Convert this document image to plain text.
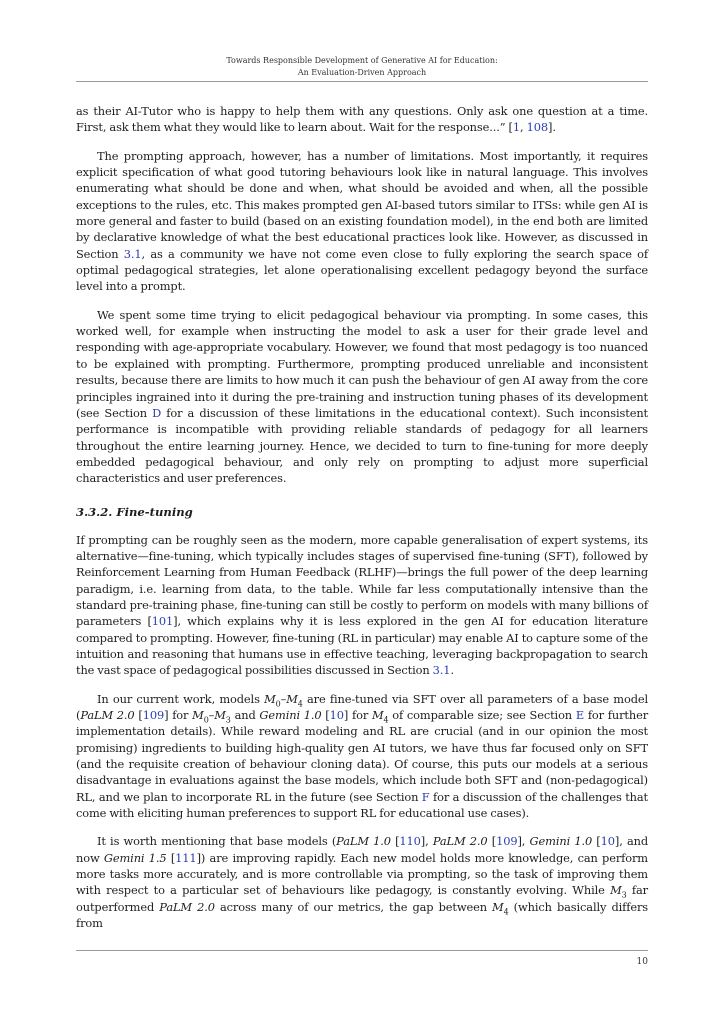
Towards Responsible Development of Generative AI for Education:
An Evaluation-Driven Approach

as their AI-Tutor who is happy to help them with any questions. Only ask one question at a time. First, ask them what they would like to learn about. Wait for the response...” [1, 108].

The prompting approach, however, has a number of limitations. Most importantly, it requires explicit specification of what good tutoring behaviours look like in natural language. This involves enumerating what should be done and when, what should be avoided and when, all the possible exceptions to the rules, etc. This makes prompted gen AI-based tutors similar to ITSs: while gen AI is more general and faster to build (based on an existing foundation model), in the end both are limited by declarative knowledge of what the best educational practices look like. However, as discussed in Section 3.1, as a community we have not come even close to fully exploring the search space of optimal pedagogical strategies, let alone operationalising excellent pedagogy beyond the surface level into a prompt.

We spent some time trying to elicit pedagogical behaviour via prompting. In some cases, this worked well, for example when instructing the model to ask a user for their grade level and responding with age-appropriate vocabulary. However, we found that most pedagogy is too nuanced to be explained with prompting. Furthermore, prompting produced unreliable and inconsistent results, because there are limits to how much it can push the behaviour of gen AI away from the core principles ingrained into it during the pre-training and instruction tuning phases of its development (see Section D for a discussion of these limitations in the educational context). Such inconsistent performance is incompatible with providing reliable standards of pedagogy for all learners throughout the entire learning journey. Hence, we decided to turn to fine-tuning for more deeply embedded pedagogical behaviour, and only rely on prompting to adjust more superficial characteristics and user preferences.

3.3.2. Fine-tuning

If prompting can be roughly seen as the modern, more capable generalisation of expert systems, its alternative—fine-tuning, which typically includes stages of supervised fine-tuning (SFT), followed by Reinforcement Learning from Human Feedback (RLHF)—brings the full power of the deep learning paradigm, i.e. learning from data, to the table. While far less computationally intensive than the standard pre-training phase, fine-tuning can still be costly to perform on models with many billions of parameters [101], which explains why it is less explored in the gen AI for education literature compared to prompting. However, fine-tuning (RL in particular) may enable AI to capture some of the intuition and reasoning that humans use in effective teaching, leveraging backpropagation to search the vast space of pedagogical possibilities discussed in Section 3.1.

In our current work, models $M_0-M_4$ are fine-tuned via SFT over all parameters of a base model (PaLM 2.0 [109] for $M_0-M_3$ and Gemini 1.0 [10] for $M_4$ of comparable size; see Section E for further implementation details). While reward modeling and RL are crucial (and in our opinion the most promising) ingredients to building high-quality gen AI tutors, we have thus far focused only on SFT (and the requisite creation of behaviour cloning data). Of course, this puts our models at a serious disadvantage in evaluations against the base models, which include both SFT and (non-pedagogical) RL, and we plan to incorporate RL in the future (see Section F for a discussion of the challenges that come with eliciting human preferences to support RL for educational use cases).

It is worth mentioning that base models (PaLM 1.0 [110], PaLM 2.0 [109], Gemini 1.0 [10], and now Gemini 1.5 [111]) are improving rapidly. Each new model holds more knowledge, can perform more tasks more accurately, and is more controllable via prompting, so the task of improving them with respect to a particular set of behaviours like pedagogy, is constantly evolving. While $M_3$ far outperformed PaLM 2.0 across many of our metrics, the gap between $M_4$ (which basically differs from

10
